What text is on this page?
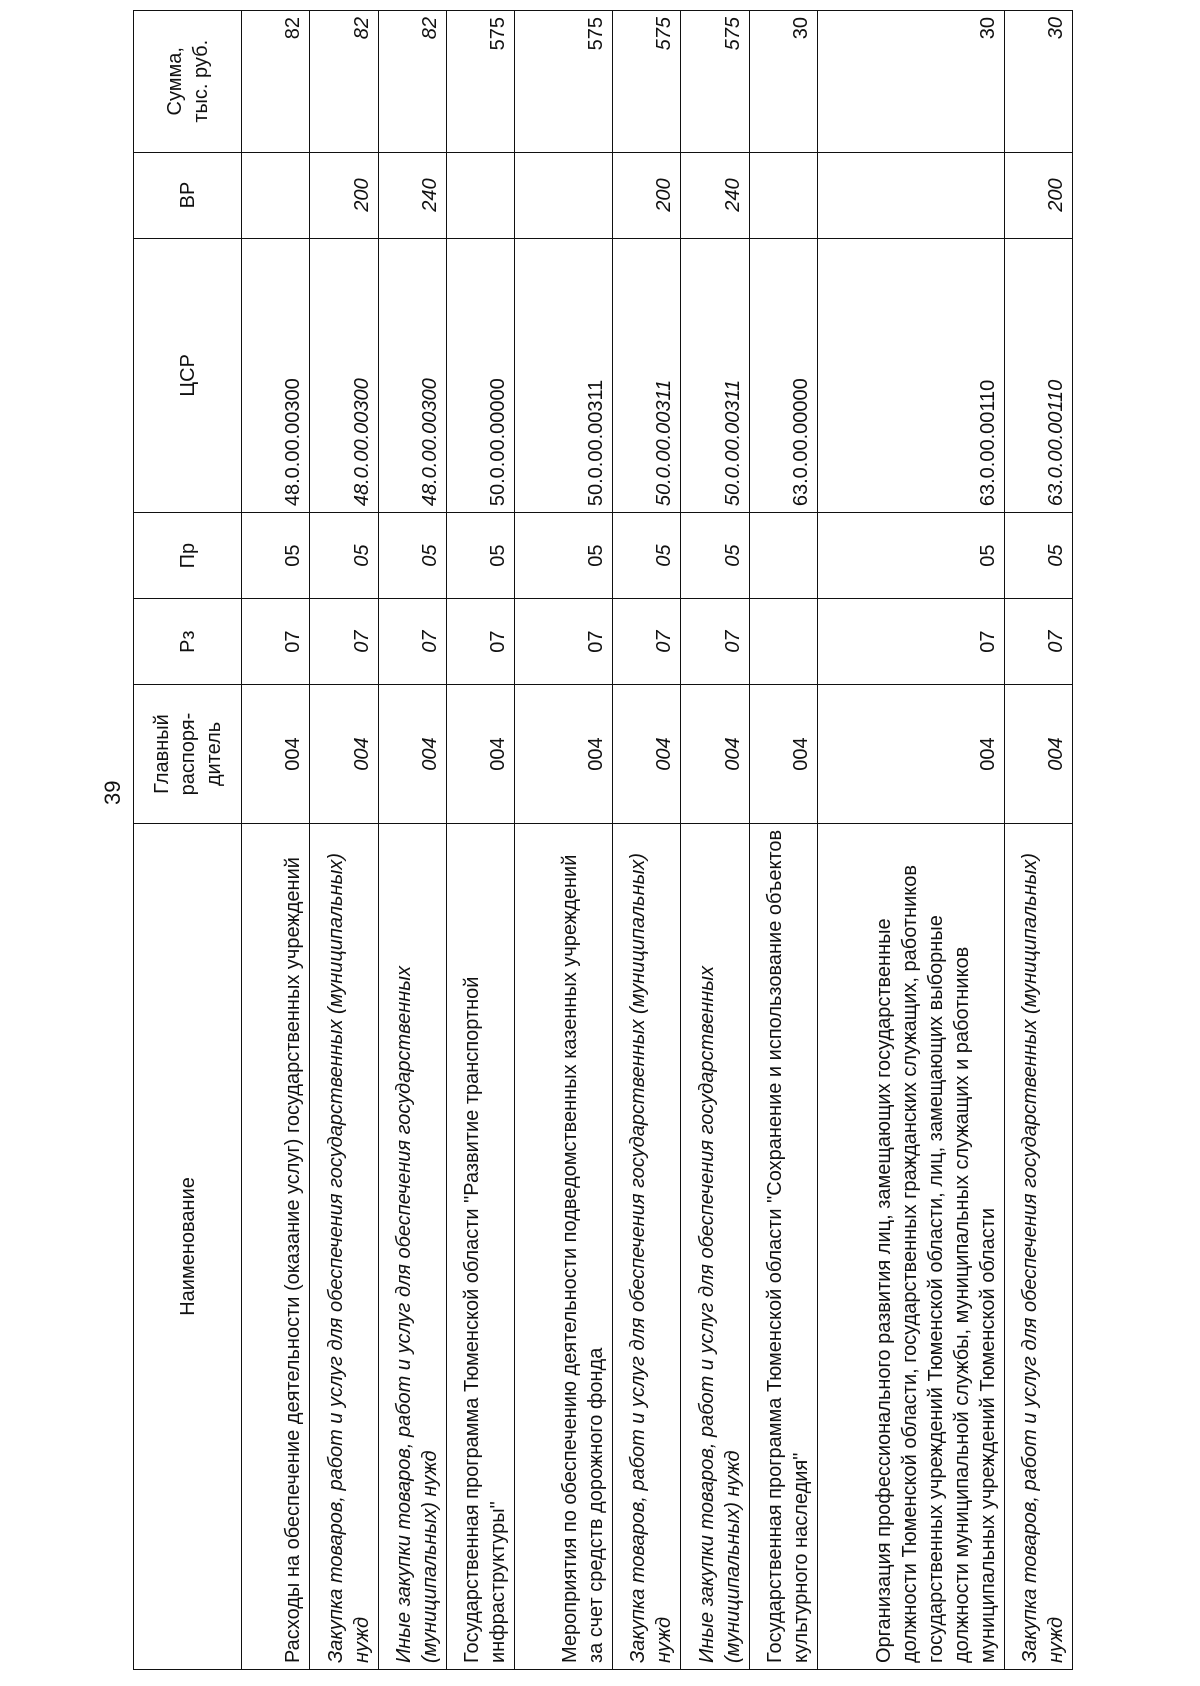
39
Наименование	Главный распоря- дитель	Рз	Пр	ЦСР	ВР	Сумма, тыс. руб.

Расходы на обеспечение деятельности (оказание услуг) государственных учреждений	004	07	05	48.0.00.00300		82
Закупка товаров, работ и услуг для обеспечения государственных (муниципальных) нужд	004	07	05	48.0.00.00300	200	82
Иные закупки товаров, работ и услуг для обеспечения государственных (муниципальных) нужд	004	07	05	48.0.00.00300	240	82
Государственная программа Тюменской области "Развитие транспортной инфраструктуры"	004	07	05	50.0.00.00000		575
Мероприятия по обеспечению деятельности подведомственных казенных учреждений за счет средств дорожного фонда	004	07	05	50.0.00.00311		575
Закупка товаров, работ и услуг для обеспечения государственных (муниципальных) нужд	004	07	05	50.0.00.00311	200	575
Иные закупки товаров, работ и услуг для обеспечения государственных (муниципальных) нужд	004	07	05	50.0.00.00311	240	575
Государственная программа Тюменской области "Сохранение и использование объектов культурного наследия"	004			63.0.00.00000		30
Организация профессионального развития лиц, замещающих государственные должности Тюменской области, государственных гражданских служащих, работников государственных учреждений Тюменской области, лиц, замещающих выборные должности муниципальной службы, муниципальных служащих и работников муниципальных учреждений Тюменской области	004	07	05	63.0.00.00110		30
Закупка товаров, работ и услуг для обеспечения государственных (муниципальных) нужд	004	07	05	63.0.00.00110	200	30
